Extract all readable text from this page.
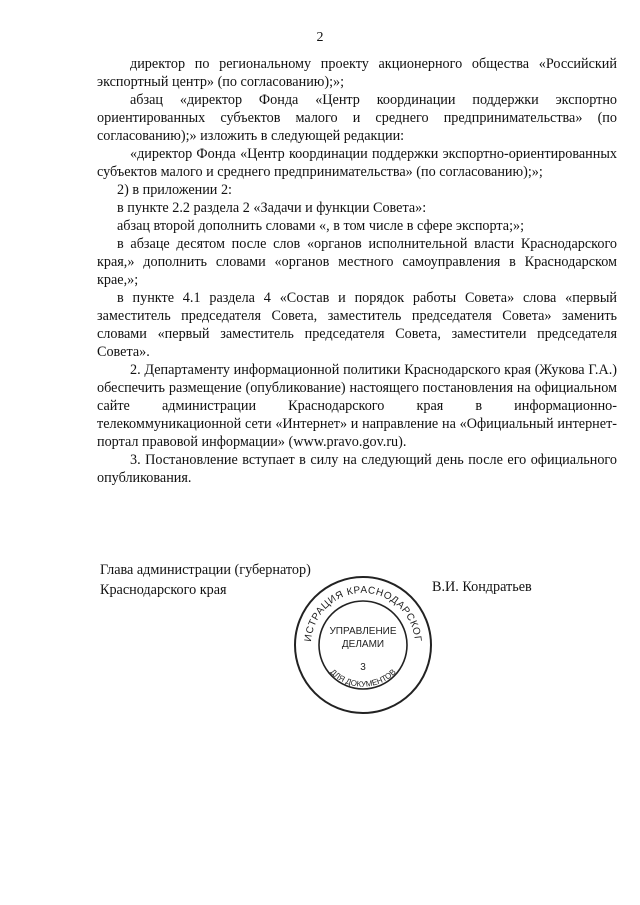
2

директор по региональному проекту акционерного общества «Российский экспортный центр» (по согласованию);»;

абзац «директор Фонда «Центр координации поддержки экспортно ориентированных субъектов малого и среднего предпринимательства» (по согласованию);» изложить в следующей редакции:

«директор Фонда «Центр координации поддержки экспортно-ориентированных субъектов малого и среднего предпринимательства» (по согласованию);»;

2) в приложении 2:

в пункте 2.2 раздела 2 «Задачи и функции Совета»:

абзац второй дополнить словами «, в том числе в сфере экспорта;»;

в абзаце десятом после слов «органов исполнительной власти Краснодарского края,» дополнить словами «органов местного самоуправления в Краснодарском крае,»;

в пункте 4.1 раздела 4 «Состав и порядок работы Совета» слова «первый заместитель председателя Совета, заместитель председателя Совета» заменить словами «первый заместитель председателя Совета, заместители председателя Совета».

2. Департаменту информационной политики Краснодарского края (Жукова Г.А.) обеспечить размещение (опубликование) настоящего постановления на официальном сайте администрации Краснодарского края в информационно-телекоммуникационной сети «Интернет» и направление на «Официальный интернет-портал правовой информации» (www.pravo.gov.ru).

3. Постановление вступает в силу на следующий день после его официального опубликования.

Глава администрации (губернатор)
Краснодарского края	В.И. Кондратьев
ИСТРАЦИЯ КРАСНОДАРСКОГ
ДЛЯ ДОКУМЕНТОВ
УПРАВЛЕНИЕ
ДЕЛАМИ
3
